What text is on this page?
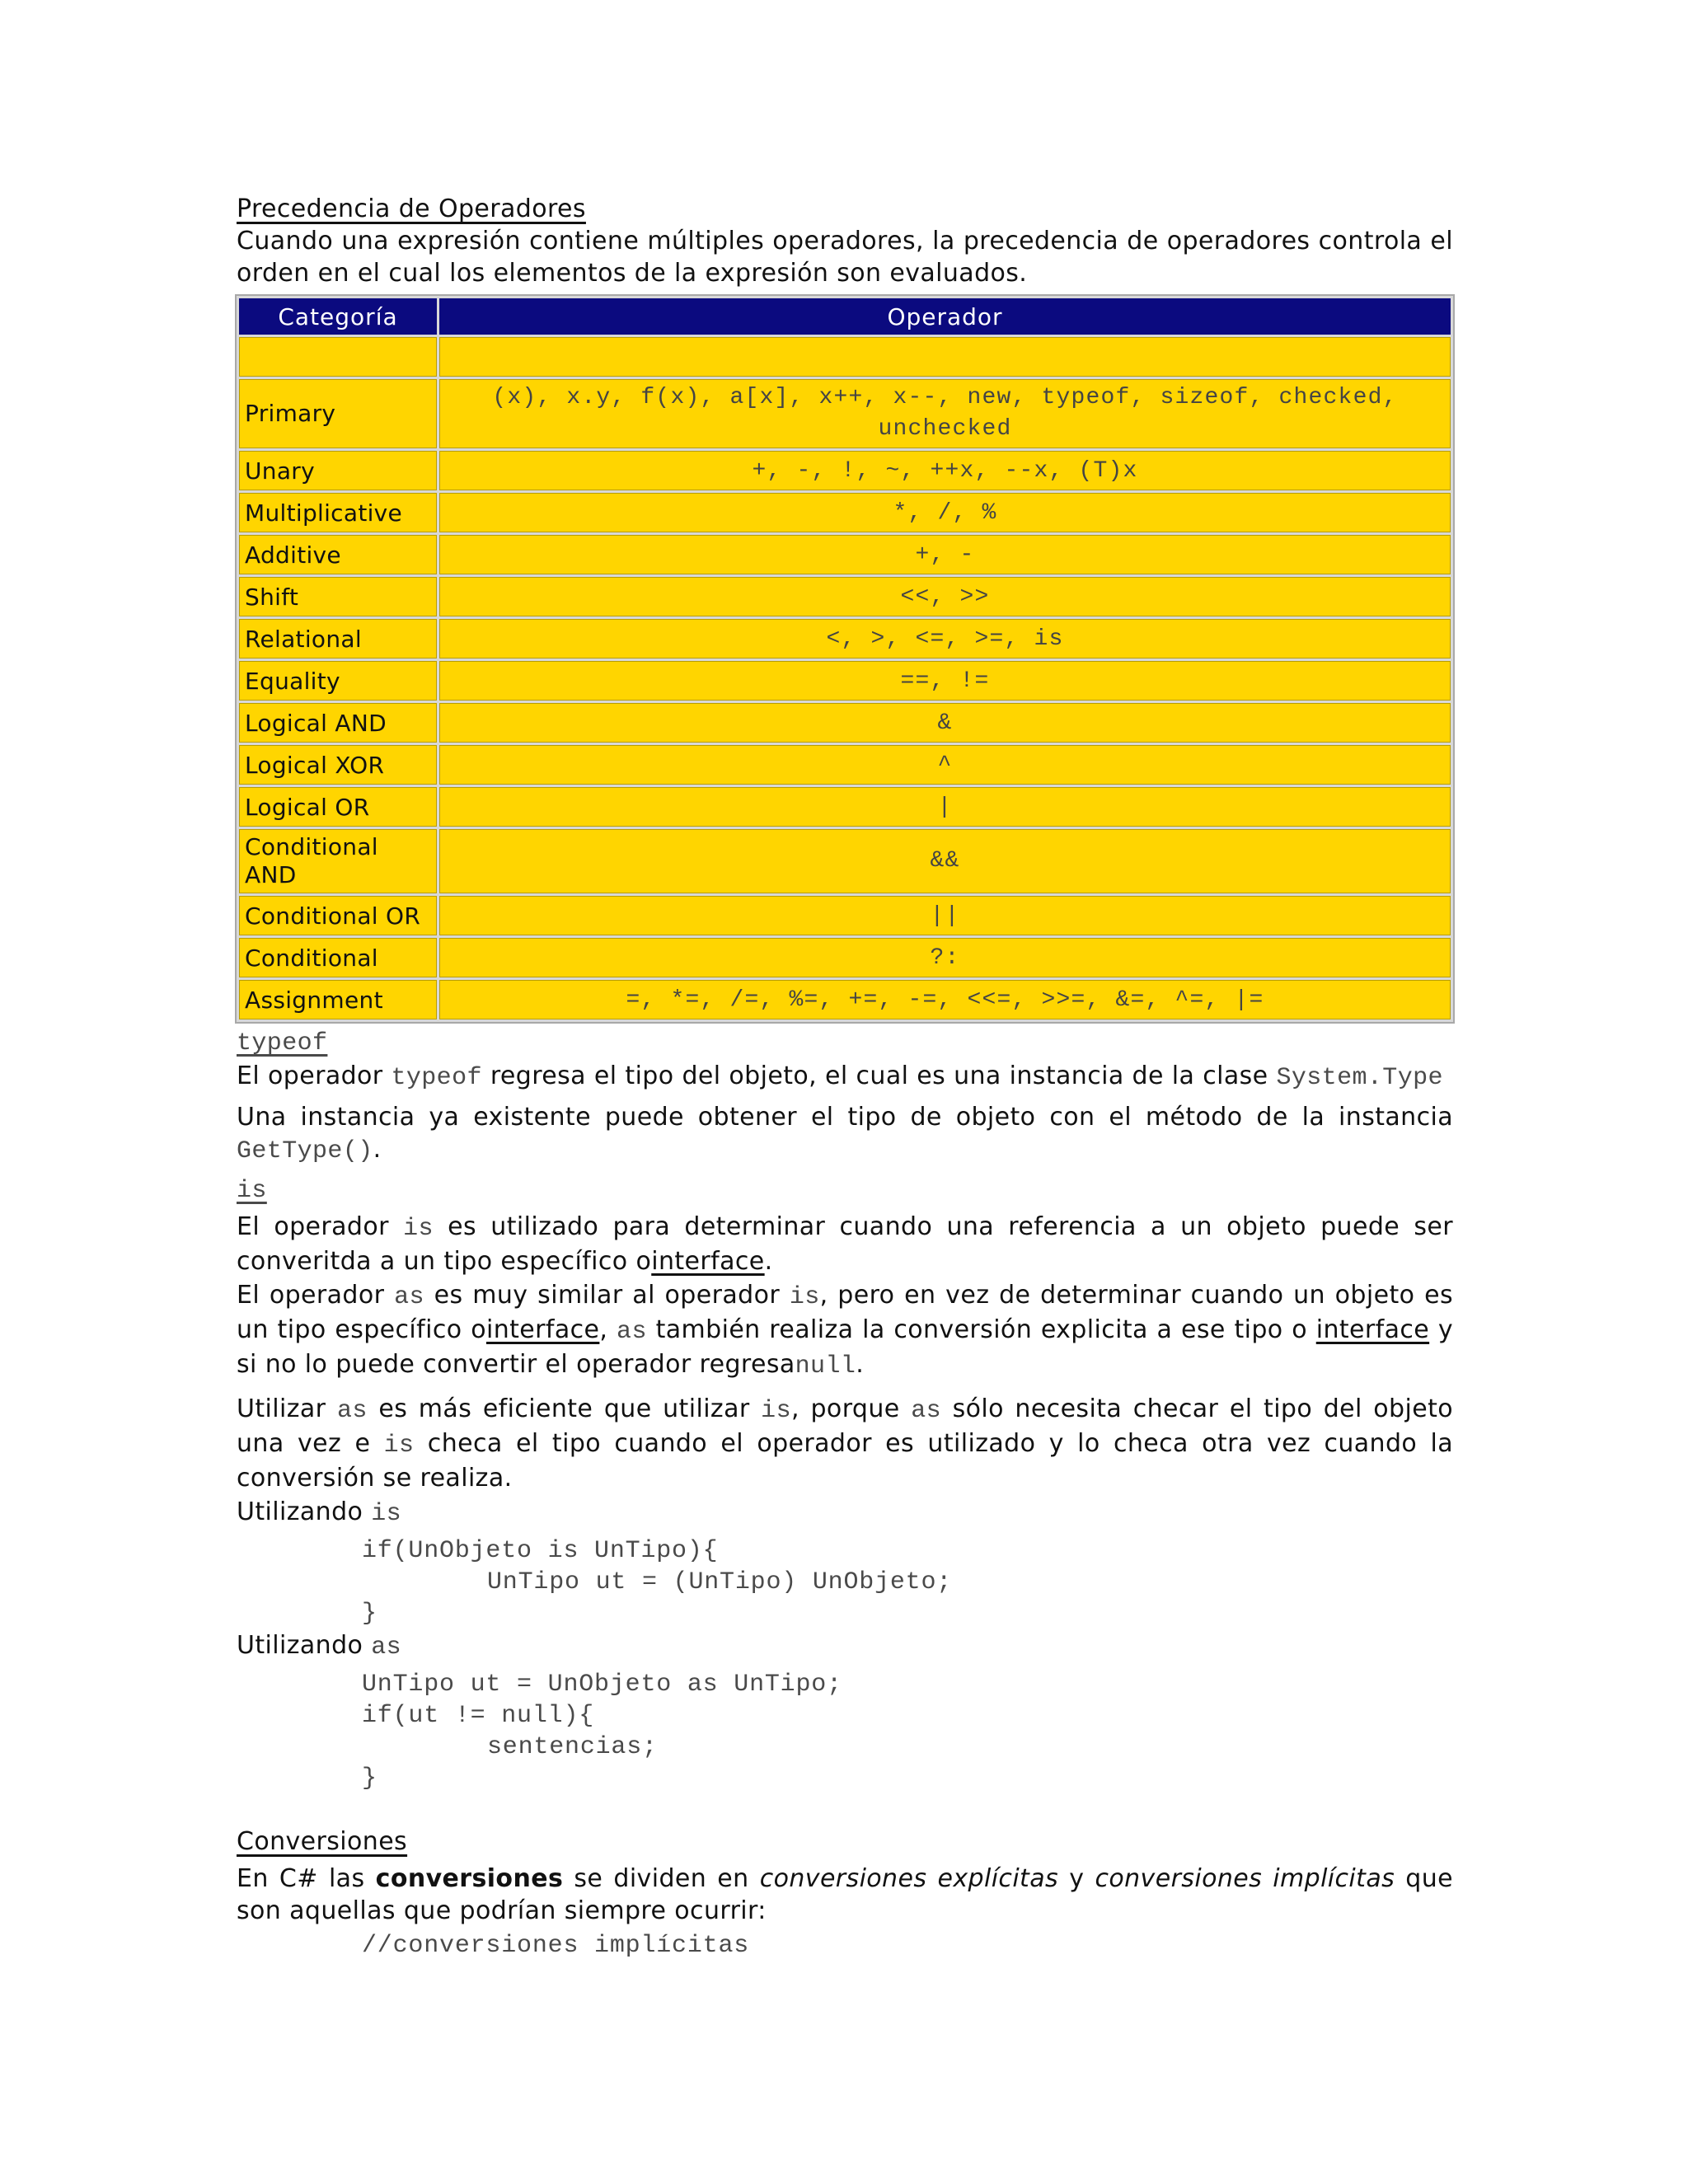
Precedencia de Operadores

Cuando una expresión contiene múltiples operadores, la precedencia de operadores controla el orden en el cual los elementos de la expresión son evaluados.

Categoría	Operador

Primary	(x), x.y, f(x), a[x], x++, x--, new, typeof, sizeof, checked, unchecked
Unary	+, -, !, ~, ++x, --x, (T)x
Multiplicative	*, /, %
Additive	+, -
Shift	<<, >>
Relational	<, >, <=, >=, is
Equality	==, !=
Logical AND	&
Logical XOR	^
Logical OR	|
Conditional AND	&&
Conditional OR	||
Conditional	?:
Assignment	=, *=, /=, %=, +=, -=, <<=, >>=, &=, ^=, |=
typeof

El operador typeof regresa el tipo del objeto, el cual es una instancia de la clase System.Type

Una instancia ya existente puede obtener el tipo de objeto con el método de la instancia GetType().

is

El operador is es utilizado para determinar cuando una referencia a un objeto puede ser converitda a un tipo específico ointerface.

El operador as es muy similar al operador is, pero en vez de determinar cuando un objeto es un tipo específico ointerface, as también realiza la conversión explicita a ese tipo o interface y si no lo puede convertir el operador regresanull.

Utilizar as es más eficiente que utilizar is, porque as sólo necesita checar el tipo del objeto una vez e is checa el tipo cuando el operador es utilizado y lo checa otra vez cuando la conversión se realiza.

Utilizando is

if(UnObjeto is UnTipo){
UnTipo ut = (UnTipo) UnObjeto;
}

Utilizando as

UnTipo ut = UnObjeto as UnTipo;
if(ut != null){
sentencias;
}
Conversiones

En C# las conversiones se dividen en conversiones explícitas y conversiones implícitas que son aquellas que podrían siempre ocurrir:

//conversiones implícitas
